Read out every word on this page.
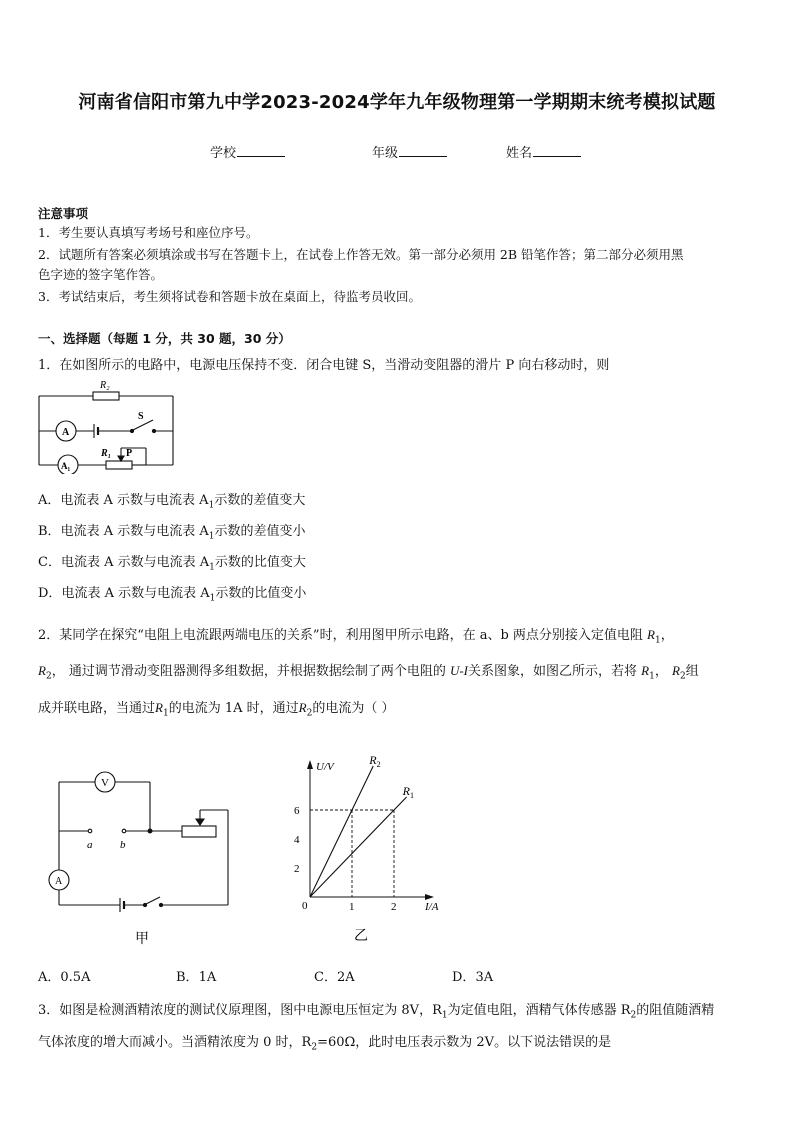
河南省信阳市第九中学2023-2024学年九年级物理第一学期期末统考模拟试题
学校	年级	姓名
注意事项
1．考生要认真填写考场号和座位序号。
2．试题所有答案必须填涂或书写在答题卡上，在试卷上作答无效。第一部分必须用 2B 铅笔作答；第二部分必须用黑
色字迹的签字笔作答。
3．考试结束后，考生须将试卷和答题卡放在桌面上，待监考员收回。
一、选择题（每题 1 分，共 30 题，30 分）
1．在如图所示的电路中，电源电压保持不变．闭合电键 S，当滑动变阻器的滑片 P 向右移动时，则
R₂
S
A
A₁
R₁ P
A．电流表 A 示数与电流表 $A_1$示数的差值变大
B．电流表 A 示数与电流表 $A_1$示数的差值变小
C．电流表 A 示数与电流表 $A_1$示数的比值变大
D．电流表 A 示数与电流表 $A_1$示数的比值变小
2．某同学在探究“电阻上电流跟两端电压的关系”时，利用图甲所示电路，在 a、b 两点分别接入定值电阻 $R_1$，
$R_2$， 通过调节滑动变阻器测得多组数据，并根据数据绘制了两个电阻的 U-I关系图象，如图乙所示，若将 $R_1$， $R_2$组
成并联电路，当通过$R_1$的电流为 1A 时，通过$R_2$的电流为（ ）
V
A
a	b
甲
$R_2$
$R_1$
1	2
2
4
6
U/V
I/A
0
乙
A．0.5A	B．1A	C．2A	D．3A
3．如图是检测酒精浓度的测试仪原理图，图中电源电压恒定为 8V，$R_1$为定值电阻，酒精气体传感器 $R_2$的阻值随酒精
气体浓度的增大而减小。当酒精浓度为 0 时，$R_2=60\Omega$，此时电压表示数为 2V。以下说法错误的是
